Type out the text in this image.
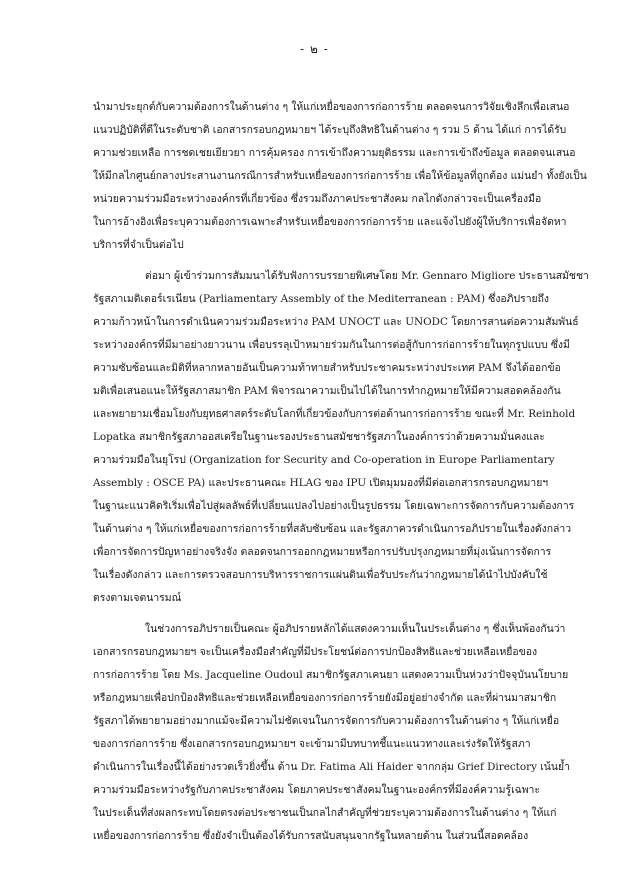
- ๒ -
นำมาประยุกต์กับความต้องการในด้านต่าง ๆ ให้แก่เหยื่อของการก่อการร้าย ตลอดจนการวิจัยเชิงลึกเพื่อเสนอ
แนวปฏิบัติที่ดีในระดับชาติ เอกสารกรอบกฎหมายฯ ได้ระบุถึงสิทธิในด้านต่าง ๆ รวม 5 ด้าน ได้แก่ การได้รับ
ความช่วยเหลือ การชดเชยเยียวยา การคุ้มครอง การเข้าถึงความยุติธรรม และการเข้าถึงข้อมูล ตลอดจนเสนอ
ให้มีกลไกศูนย์กลางประสานงานกรณีการสำหรับเหยื่อของการก่อการร้าย เพื่อให้ข้อมูลที่ถูกต้อง แม่นยำ ทั้งยังเป็น
หน่วยความร่วมมือระหว่างองค์กรที่เกี่ยวข้อง ซึ่งรวมถึงภาคประชาสังคม กลไกดังกล่าวจะเป็นเครื่องมือ
ในการอ้างอิงเพื่อระบุความต้องการเฉพาะสำหรับเหยื่อของการก่อการร้าย และแจ้งไปยังผู้ให้บริการเพื่อจัดหา
บริการที่จำเป็นต่อไป
ต่อมา ผู้เข้าร่วมการสัมมนาได้รับฟังการบรรยายพิเศษโดย Mr. Gennaro Migliore ประธานสมัชชา
รัฐสภาเมดิเตอร์เรเนียน (Parliamentary Assembly of the Mediterranean : PAM) ซึ่งอภิปรายถึง
ความก้าวหน้าในการดำเนินความร่วมมือระหว่าง PAM UNOCT และ UNODC โดยการสานต่อความสัมพันธ์
ระหว่างองค์กรที่มีมาอย่างยาวนาน เพื่อบรรลุเป้าหมายร่วมกันในการต่อสู้กับการก่อการร้ายในทุกรูปแบบ ซึ่งมี
ความซับซ้อนและมิติที่หลากหลายอันเป็นความท้าทายสำหรับประชาคมระหว่างประเทศ PAM จึงได้ออกข้อ
มติเพื่อเสนอแนะให้รัฐสภาสมาชิก PAM พิจารณาความเป็นไปได้ในการทำกฎหมายให้มีความสอดคล้องกัน
และพยายามเชื่อมโยงกับยุทธศาสตร์ระดับโลกที่เกี่ยวข้องกับการต่อต้านการก่อการร้าย ขณะที่ Mr. Reinhold
Lopatka สมาชิกรัฐสภาออสเตรียในฐานะรองประธานสมัชชารัฐสภาในองค์การว่าด้วยความมั่นคงและ
ความร่วมมือในยุโรป (Organization for Security and Co-operation in Europe Parliamentary
Assembly : OSCE PA) และประธานคณะ HLAG ของ IPU เปิดมุมมองที่มีต่อเอกสารกรอบกฎหมายฯ
ในฐานะแนวคิดริเริ่มเพื่อไปสู่ผลลัพธ์ที่เปลี่ยนแปลงไปอย่างเป็นรูปธรรม โดยเฉพาะการจัดการกับความต้องการ
ในด้านต่าง ๆ ให้แก่เหยื่อของการก่อการร้ายที่สลับซับซ้อน และรัฐสภาควรดำเนินการอภิปรายในเรื่องดังกล่าว
เพื่อการจัดการปัญหาอย่างจริงจัง ตลอดจนการออกกฎหมายหรือการปรับปรุงกฎหมายที่มุ่งเน้นการจัดการ
ในเรื่องดังกล่าว และการตรวจสอบการบริหารราชการแผ่นดินเพื่อรับประกันว่ากฎหมายได้นำไปบังคับใช้
ตรงตามเจตนารมณ์
ในช่วงการอภิปรายเป็นคณะ ผู้อภิปรายหลักได้แสดงความเห็นในประเด็นต่าง ๆ ซึ่งเห็นพ้องกันว่า
เอกสารกรอบกฎหมายฯ จะเป็นเครื่องมือสำคัญที่มีประโยชน์ต่อการปกป้องสิทธิและช่วยเหลือเหยื่อของ
การก่อการร้าย โดย Ms. Jacqueline Oudoul สมาชิกรัฐสภาเคนยา แสดงความเป็นห่วงว่าปัจจุบันนโยบาย
หรือกฎหมายเพื่อปกป้องสิทธิและช่วยเหลือเหยื่อของการก่อการร้ายยังมีอยู่อย่างจำกัด และที่ผ่านมาสมาชิก
รัฐสภาได้พยายามอย่างมากแม้จะมีความไม่ชัดเจนในการจัดการกับความต้องการในด้านต่าง ๆ ให้แก่เหยื่อ
ของการก่อการร้าย ซึ่งเอกสารกรอบกฎหมายฯ จะเข้ามามีบทบาทชี้แนะแนวทางและเร่งรัดให้รัฐสภา
ดำเนินการในเรื่องนี้ได้อย่างรวดเร็วยิ่งขึ้น ด้าน Dr. Fatima Ali Haider จากกลุ่ม Grief Directory เน้นย้ำ
ความร่วมมือระหว่างรัฐกับภาคประชาสังคม โดยภาคประชาสังคมในฐานะองค์กรที่มีองค์ความรู้เฉพาะ
ในประเด็นที่ส่งผลกระทบโดยตรงต่อประชาชนเป็นกลไกสำคัญที่ช่วยระบุความต้องการในด้านต่าง ๆ ให้แก่
เหยื่อของการก่อการร้าย ซึ่งยังจำเป็นต้องได้รับการสนับสนุนจากรัฐในหลายด้าน ในส่วนนี้สอดคล้อง
